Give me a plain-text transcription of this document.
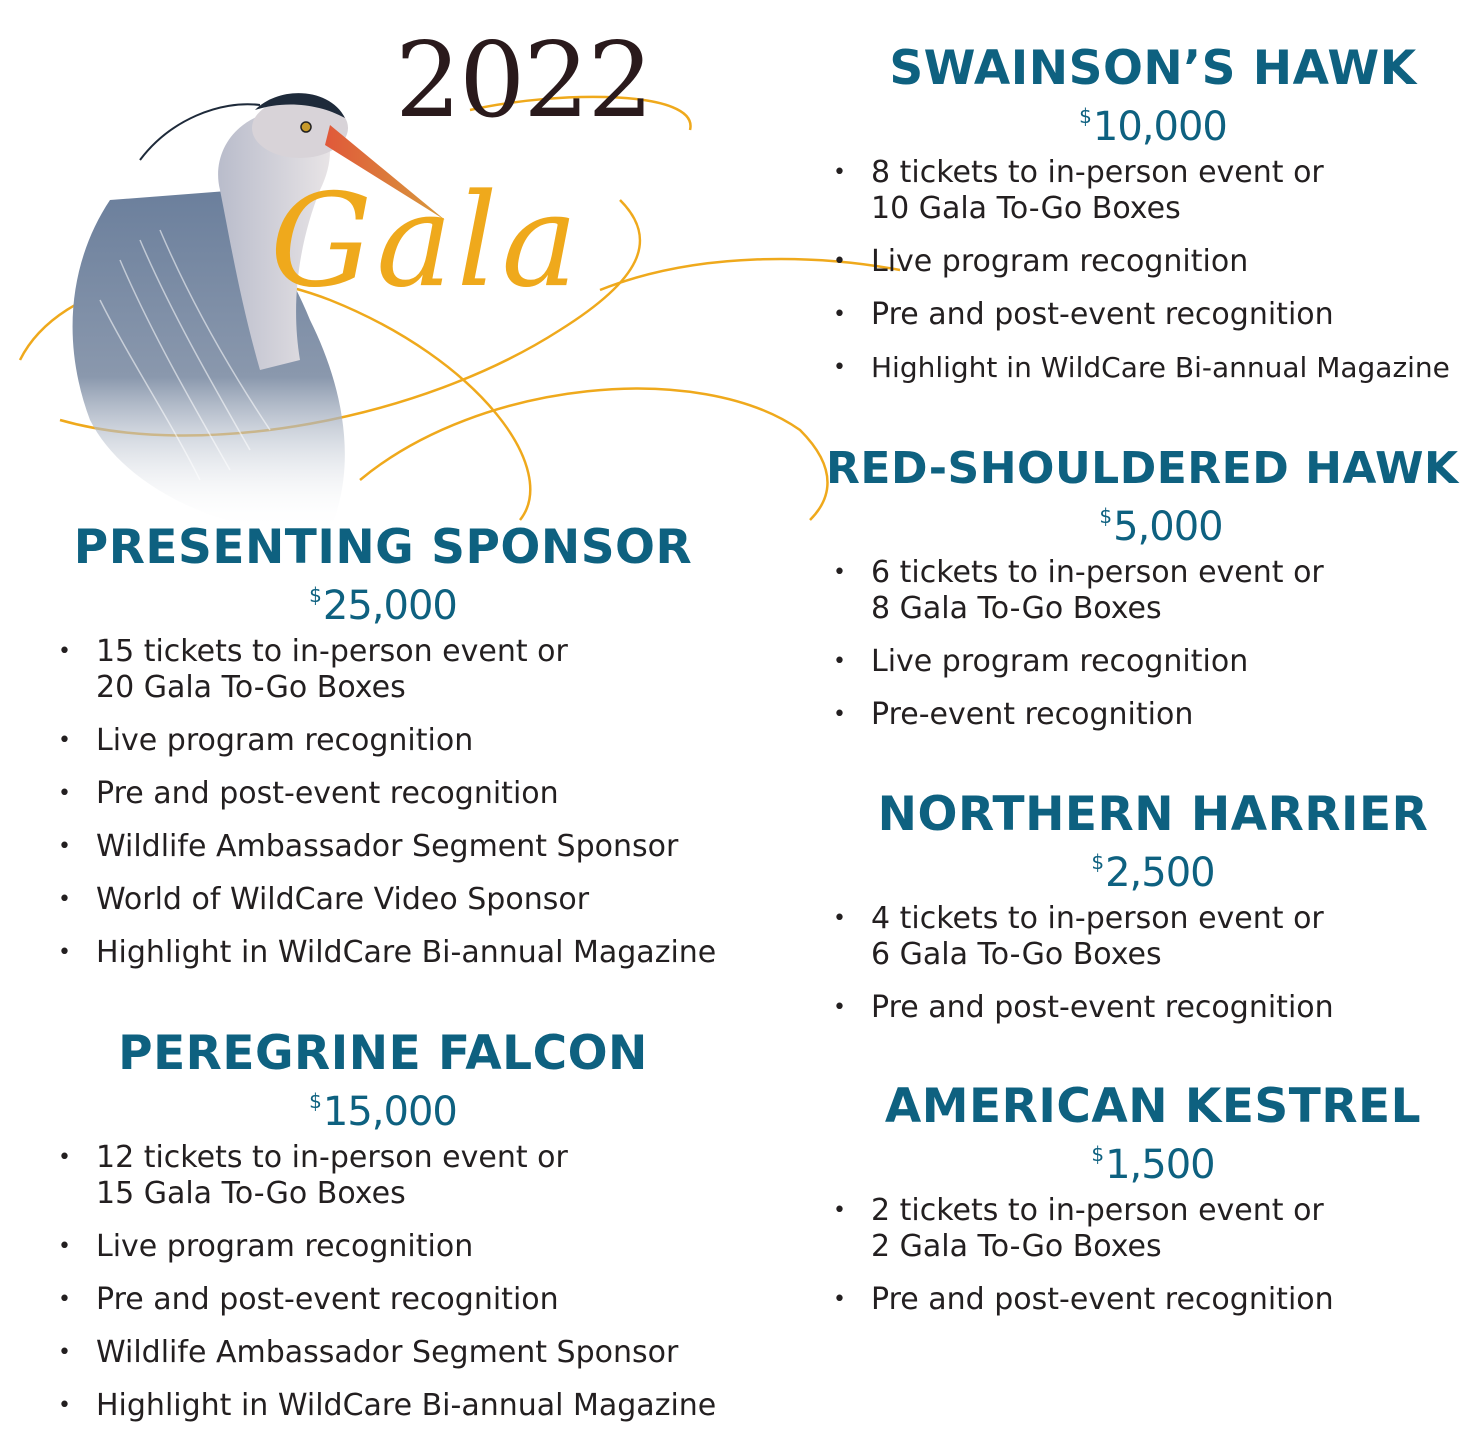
2022
Gala
PRESENTING SPONSOR
$25,000
• 15 tickets to in-person event or
20 Gala To-Go Boxes
• Live program recognition
• Pre and post-event recognition
• Wildlife Ambassador Segment Sponsor
• World of WildCare Video Sponsor
• Highlight in WildCare Bi-annual Magazine
PEREGRINE FALCON
$15,000
• 12 tickets to in-person event or
15 Gala To-Go Boxes
• Live program recognition
• Pre and post-event recognition
• Wildlife Ambassador Segment Sponsor
• Highlight in WildCare Bi-annual Magazine
SWAINSON’S HAWK
$10,000
• 8 tickets to in-person event or
10 Gala To-Go Boxes
• Live program recognition
• Pre and post-event recognition
• Highlight in WildCare Bi-annual Magazine
RED-SHOULDERED HAWK
$5,000
• 6 tickets to in-person event or
8 Gala To-Go Boxes
• Live program recognition
• Pre-event recognition
NORTHERN HARRIER
$2,500
• 4 tickets to in-person event or
6 Gala To-Go Boxes
• Pre and post-event recognition
AMERICAN KESTREL
$1,500
• 2 tickets to in-person event or
2 Gala To-Go Boxes
• Pre and post-event recognition
